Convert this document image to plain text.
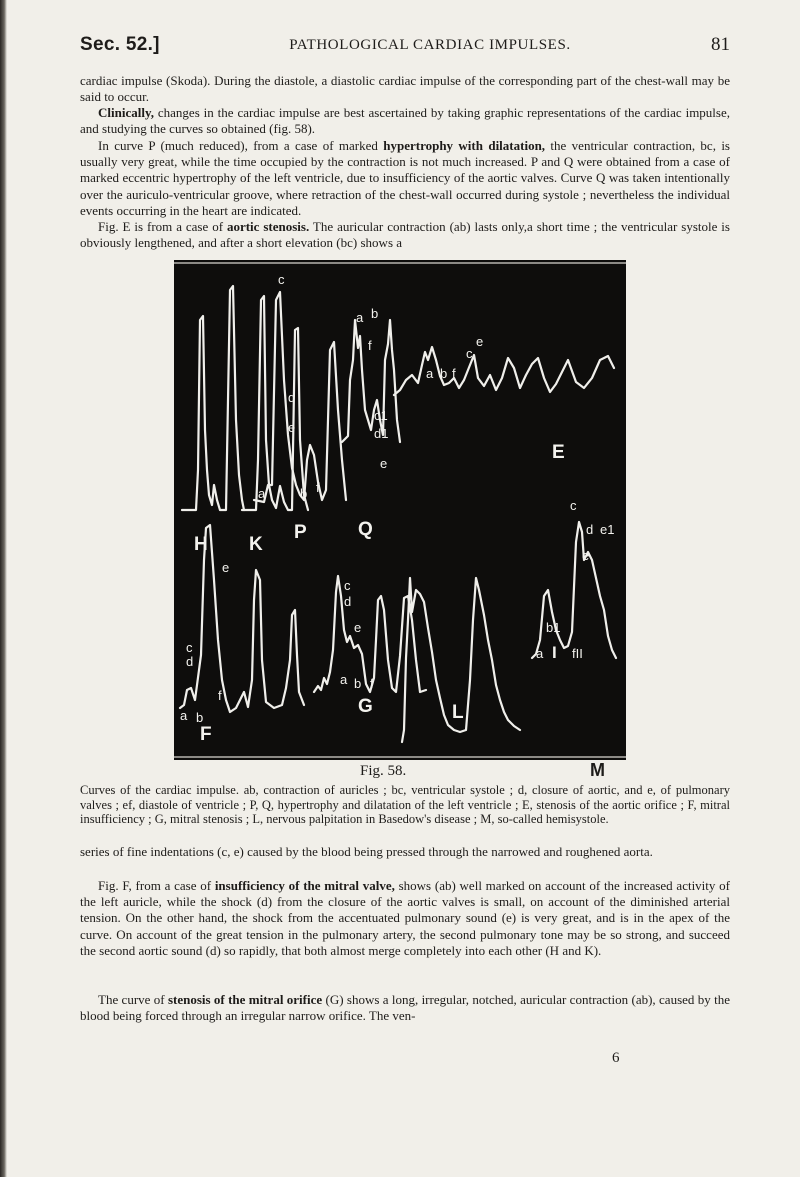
Sec. 52.]	PATHOLOGICAL CARDIAC IMPULSES.	81

cardiac impulse (Skoda). During the diastole, a diastolic cardiac impulse of the corresponding part of the chest-wall may be said to occur.

Clinically, changes in the cardiac impulse are best ascertained by taking graphic representations of the cardiac impulse, and studying the curves so obtained (fig. 58).

In curve P (much reduced), from a case of marked hypertrophy with dilatation, the ventricular contraction, bc, is usually very great, while the time occupied by the contraction is not much increased. P and Q were obtained from a case of marked eccentric hypertrophy of the left ventricle, due to insufficiency of the aortic valves. Curve Q was taken intentionally over the auriculo-ventricular groove, where retraction of the chest-wall occurred during systole ; nevertheless the individual events occurring in the heart are indicated.

Fig. E is from a case of aortic stenosis. The auricular contraction (ab) lasts only,a short time ; the ventricular systole is obviously lengthened, and after a short elevation (bc) shows a

H K
P	Q
E
F
G	L
c
d
e
a	b f
a b
f
c1
d1
e
a b f
c
e
c
d
e
f
a b
c
d
e
a b f
c
d e1
e
b1
a I fII
Fig. 58.	M

Curves of the cardiac impulse. ab, contraction of auricles ; bc, ventricular systole ; d, closure of aortic, and e, of pulmonary valves ; ef, diastole of ventricle ; P, Q, hypertrophy and dilatation of the left ventricle ; E, stenosis of the aortic orifice ; F, mitral insufficiency ; G, mitral stenosis ; L, nervous palpitation in Basedow's disease ; M, so-called hemisystole.

series of fine indentations (c, e) caused by the blood being pressed through the narrowed and roughened aorta.

Fig. F, from a case of insufficiency of the mitral valve, shows (ab) well marked on account of the increased activity of the left auricle, while the shock (d) from the closure of the aortic valves is small, on account of the diminished arterial tension. On the other hand, the shock from the accentuated pulmonary sound (e) is very great, and is in the apex of the curve. On account of the great tension in the pulmonary artery, the second pulmonary tone may be so strong, and succeed the second aortic sound (d) so rapidly, that both almost merge completely into each other (H and K).

The curve of stenosis of the mitral orifice (G) shows a long, irregular, notched, auricular contraction (ab), caused by the blood being forced through an irregular narrow orifice. The ven-

6
